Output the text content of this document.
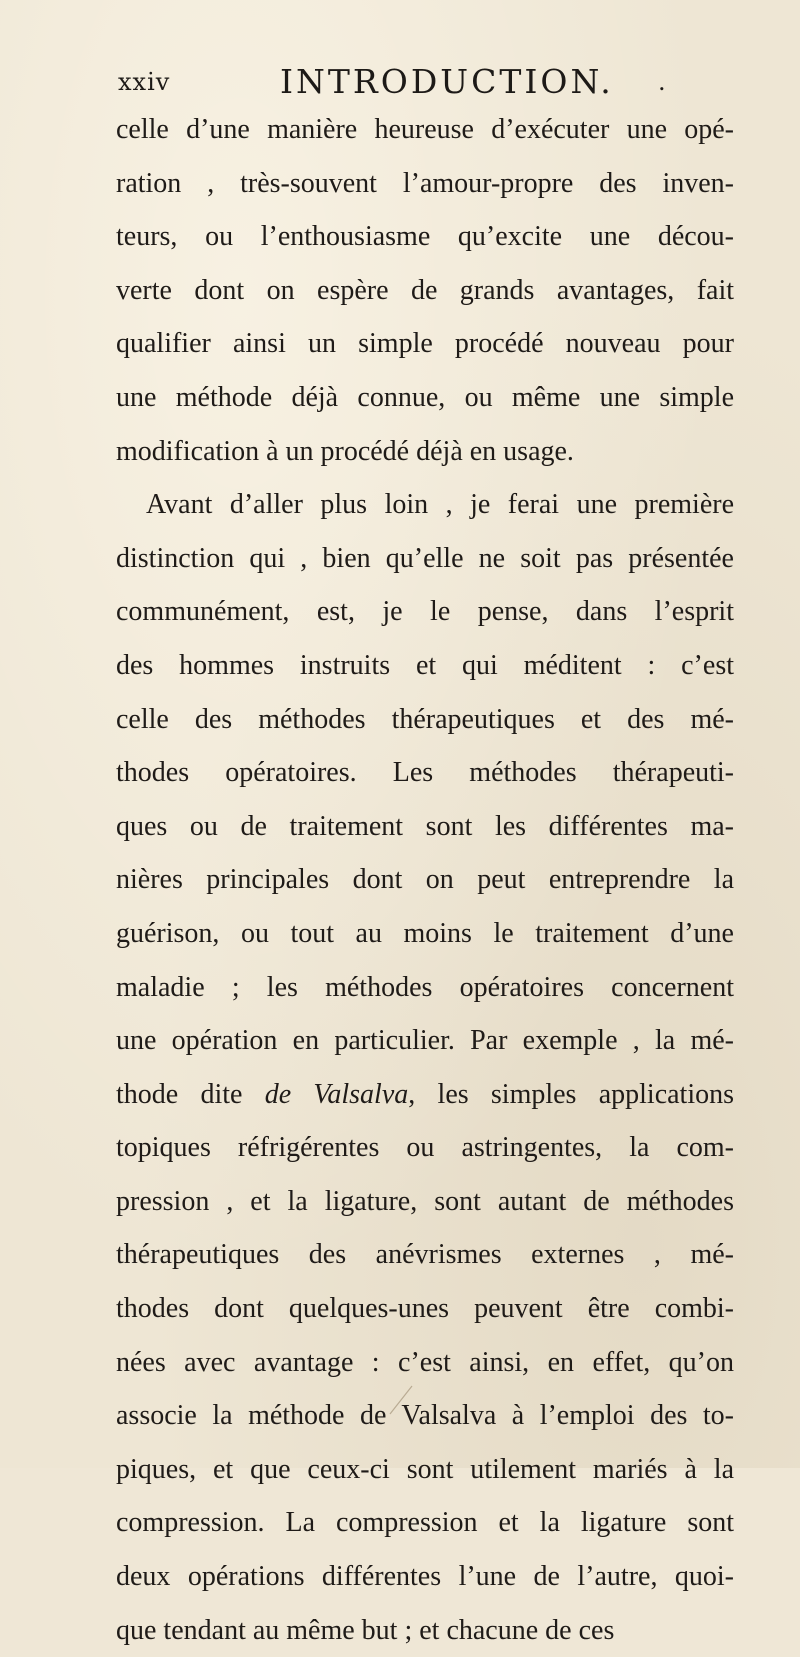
xxiv	INTRODUCTION. .
celle d’une manière heureuse d’exécuter une opé-
ration , très-souvent l’amour-propre des inven-
teurs, ou l’enthousiasme qu’excite une décou-
verte dont on espère de grands avantages, fait
qualifier ainsi un simple procédé nouveau pour
une méthode déjà connue, ou même une simple
modification à un procédé déjà en usage.
Avant d’aller plus loin , je ferai une première
distinction qui , bien qu’elle ne soit pas présentée
communément, est, je le pense, dans l’esprit
des hommes instruits et qui méditent : c’est
celle des méthodes thérapeutiques et des mé-
thodes opératoires. Les méthodes thérapeuti-
ques ou de traitement sont les différentes ma-
nières principales dont on peut entreprendre la
guérison, ou tout au moins le traitement d’une
maladie ; les méthodes opératoires concernent
une opération en particulier. Par exemple , la mé-
thode dite de Valsalva, les simples applications
topiques réfrigérentes ou astringentes, la com-
pression , et la ligature, sont autant de méthodes
thérapeutiques des anévrismes externes , mé-
thodes dont quelques-unes peuvent être combi-
nées avec avantage : c’est ainsi, en effet, qu’on
associe la méthode de Valsalva à l’emploi des to-
piques, et que ceux-ci sont utilement mariés à la
compression. La compression et la ligature sont
deux opérations différentes l’une de l’autre, quoi-
que tendant au même but ; et chacune de ces
